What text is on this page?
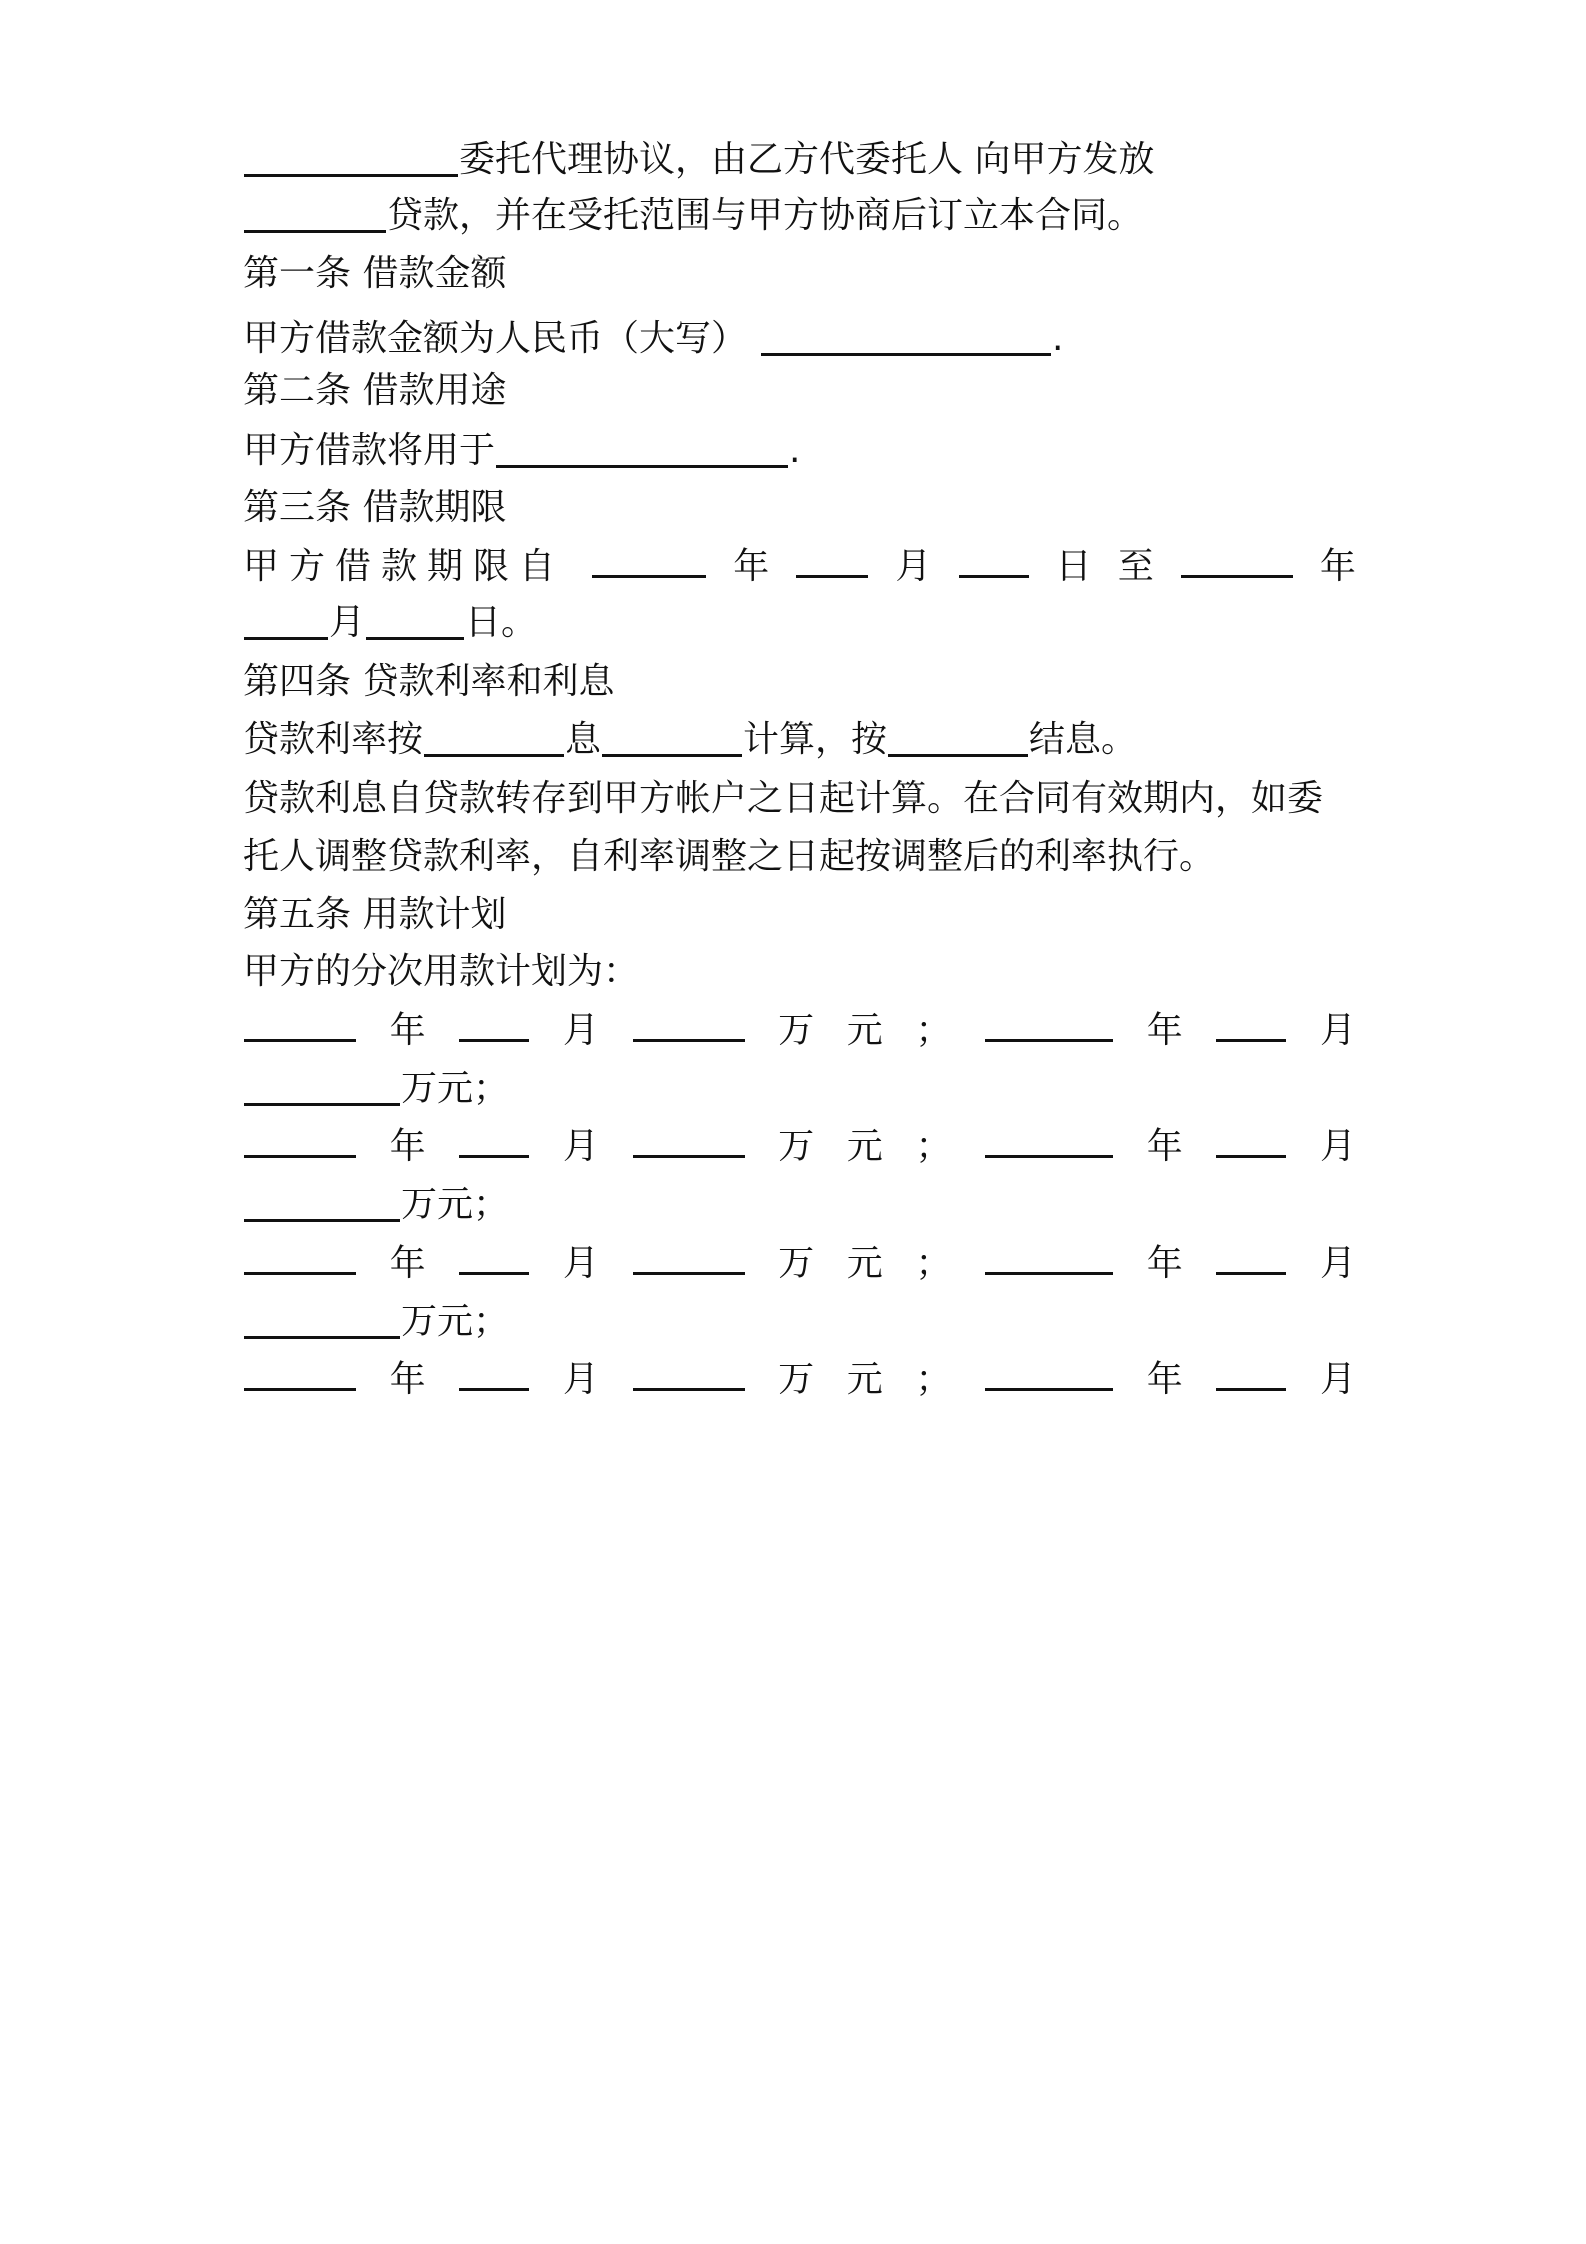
委托代理协议，由乙方代委托人 向甲方发放
贷款，并在受托范围与甲方协商后订立本合同。
第一条 借款金额
甲方借款金额为人民币（大写）	.
第二条 借款用途
甲方借款将用于	.
第三条 借款期限
甲方借款期限自	年	月	日 至	年
月	日。
第四条 贷款利率和利息
贷款利率按	息	计算，按	结息。
贷款利息自贷款转存到甲方帐户之日起计算。在合同有效期内，如委
托人调整贷款利率，自利率调整之日起按调整后的利率执行。
第五条 用款计划
甲方的分次用款计划为：
年	月	万 元 ；	年	月
万元；
年	月	万 元 ；	年	月
万元；
年	月	万 元 ；	年	月
万元；
年	月	万 元 ；	年	月
